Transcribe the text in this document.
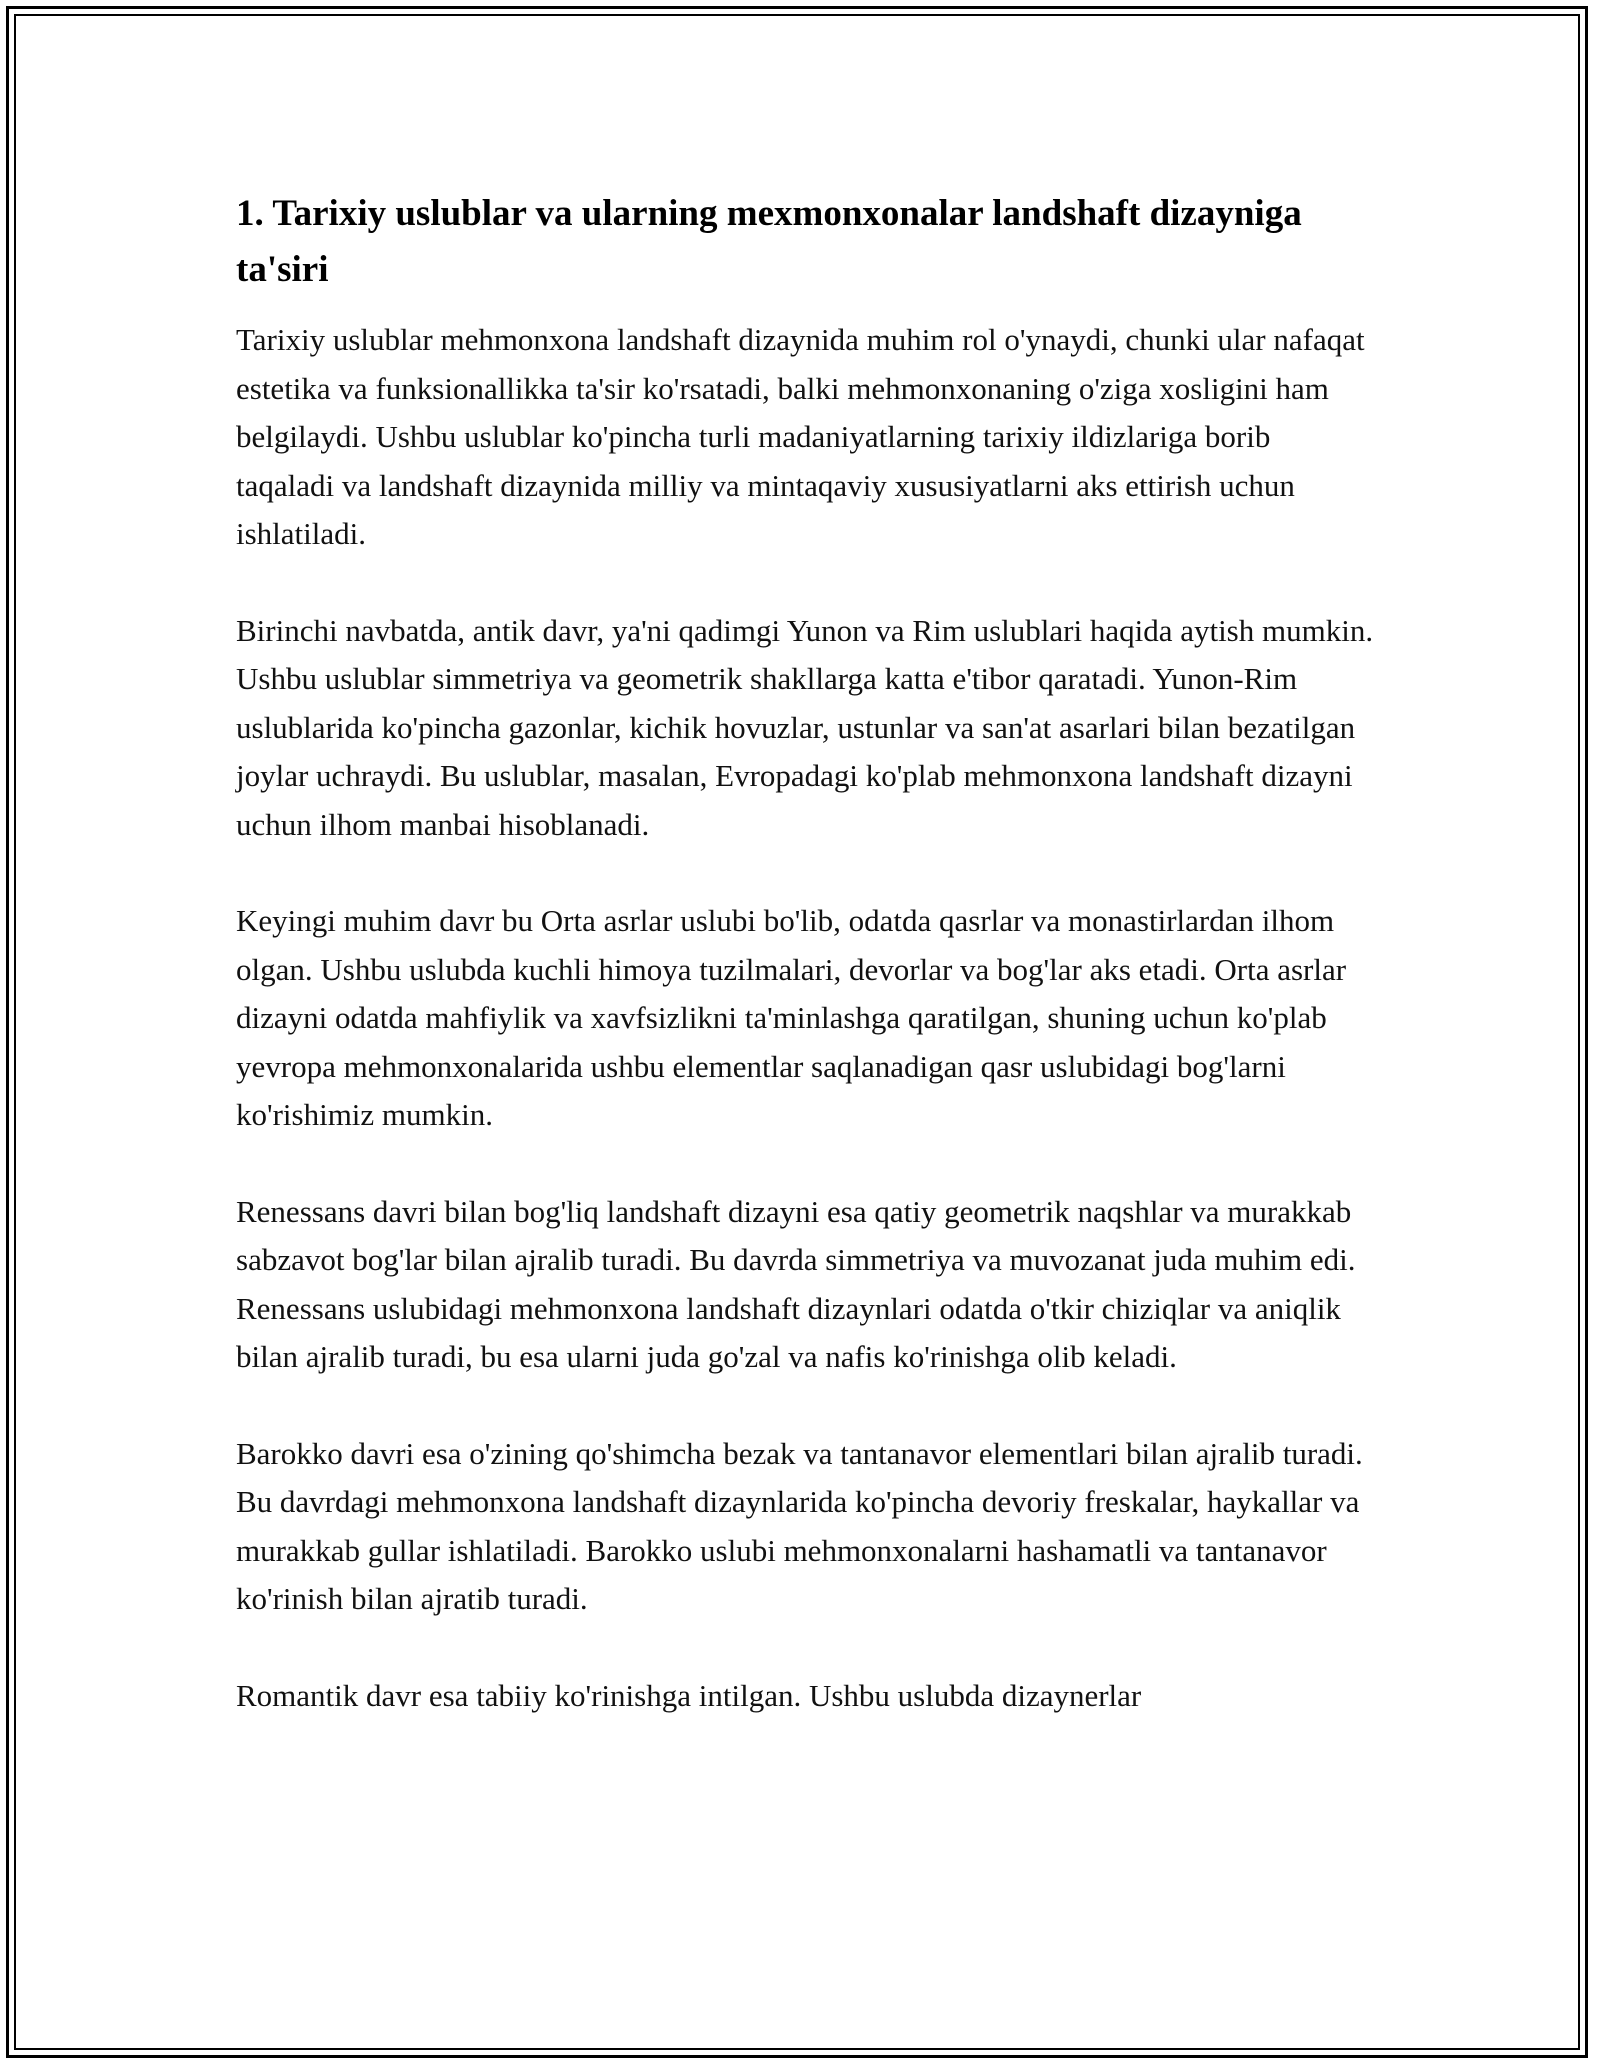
1. Tarixiy uslublar va ularning mexmonxonalar landshaft dizayniga ta'siri

Tarixiy uslublar mehmonxona landshaft dizaynida muhim rol o'ynaydi, chunki ular nafaqat estetika va funksionallikka ta'sir ko'rsatadi, balki mehmonxonaning o'ziga xosligini ham belgilaydi. Ushbu uslublar ko'pincha turli madaniyatlarning tarixiy ildizlariga borib taqaladi va landshaft dizaynida milliy va mintaqaviy xususiyatlarni aks ettirish uchun ishlatiladi.

Birinchi navbatda, antik davr, ya'ni qadimgi Yunon va Rim uslublari haqida aytish mumkin. Ushbu uslublar simmetriya va geometrik shakllarga katta e'tibor qaratadi. Yunon-Rim uslublarida ko'pincha gazonlar, kichik hovuzlar, ustunlar va san'at asarlari bilan bezatilgan joylar uchraydi. Bu uslublar, masalan, Evropadagi ko'plab mehmonxona landshaft dizayni uchun ilhom manbai hisoblanadi.

Keyingi muhim davr bu Orta asrlar uslubi bo'lib, odatda qasrlar va monastirlardan ilhom olgan. Ushbu uslubda kuchli himoya tuzilmalari, devorlar va bog'lar aks etadi. Orta asrlar dizayni odatda mahfiylik va xavfsizlikni ta'minlashga qaratilgan, shuning uchun ko'plab yevropa mehmonxonalarida ushbu elementlar saqlanadigan qasr uslubidagi bog'larni ko'rishimiz mumkin.

Renessans davri bilan bog'liq landshaft dizayni esa qatiy geometrik naqshlar va murakkab sabzavot bog'lar bilan ajralib turadi. Bu davrda simmetriya va muvozanat juda muhim edi. Renessans uslubidagi mehmonxona landshaft dizaynlari odatda o'tkir chiziqlar va aniqlik bilan ajralib turadi, bu esa ularni juda go'zal va nafis ko'rinishga olib keladi.

Barokko davri esa o'zining qo'shimcha bezak va tantanavor elementlari bilan ajralib turadi. Bu davrdagi mehmonxona landshaft dizaynlarida ko'pincha devoriy freskalar, haykallar va murakkab gullar ishlatiladi. Barokko uslubi mehmonxonalarni hashamatli va tantanavor ko'rinish bilan ajratib turadi.

Romantik davr esa tabiiy ko'rinishga intilgan. Ushbu uslubda dizaynerlar
